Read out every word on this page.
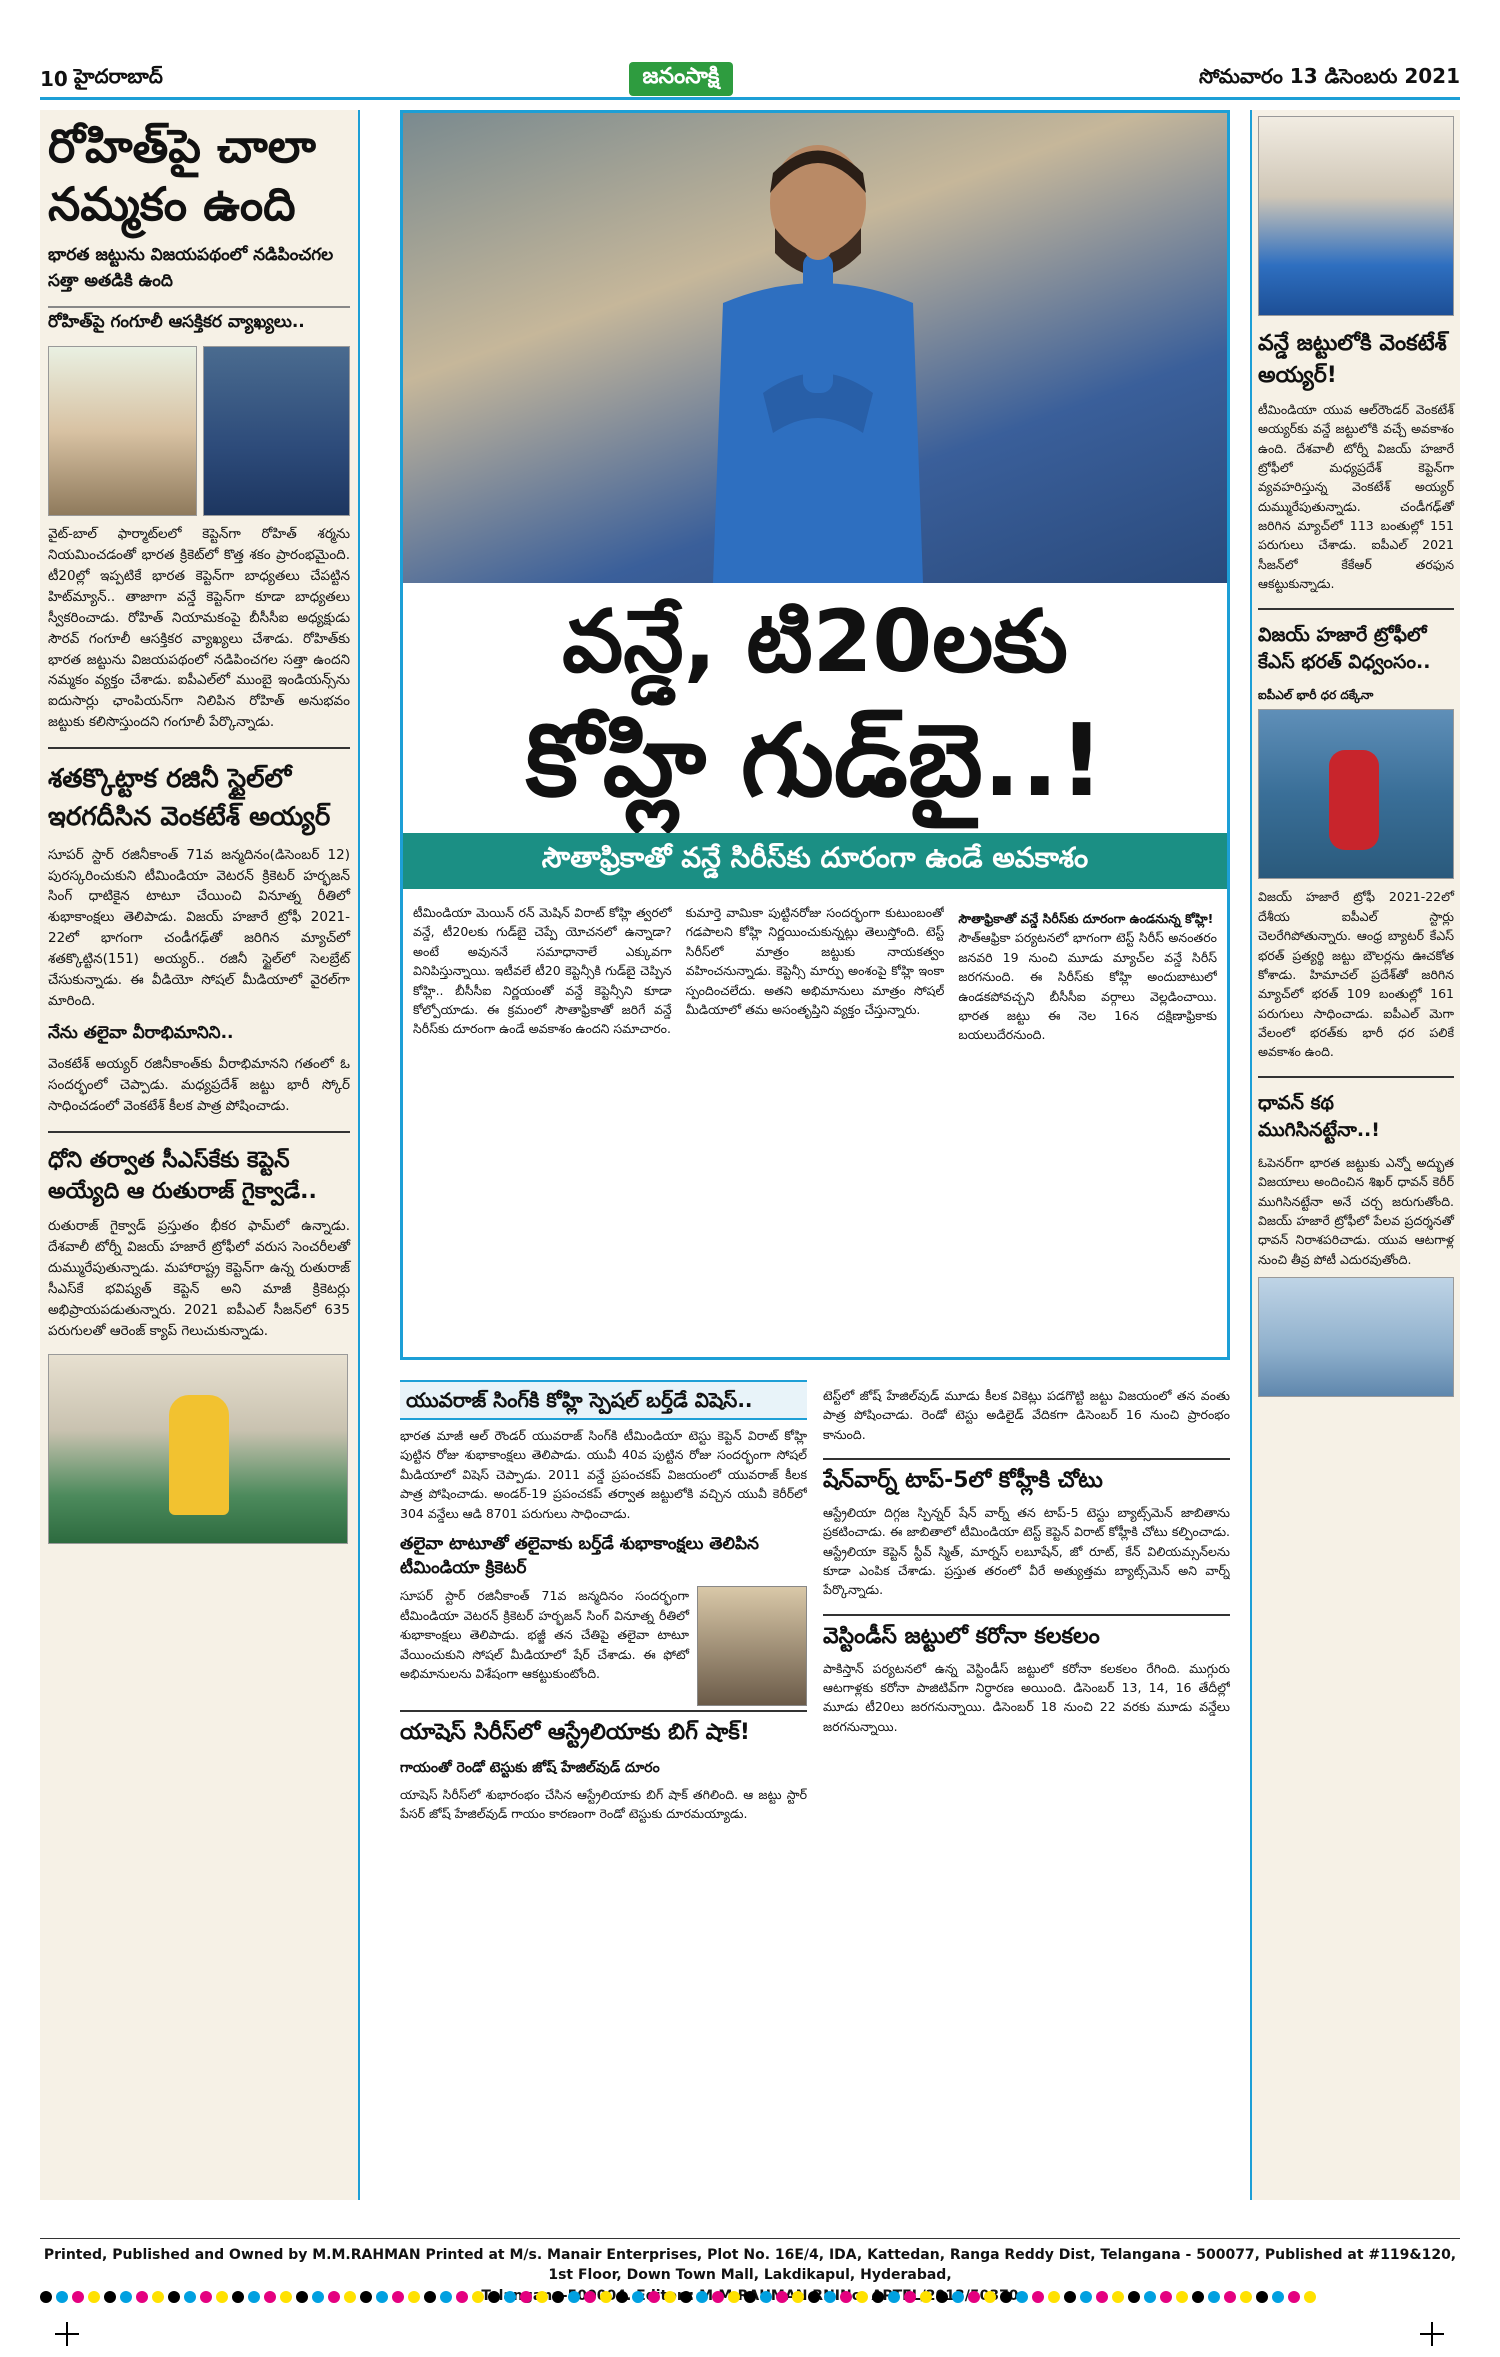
10 హైదరాబాద్	జనంసాక్షి	సోమవారం 13 డిసెంబరు 2021
రోహిత్‌పై చాలా నమ్మకం ఉంది
భారత జట్టును విజయపథంలో నడిపించగల సత్తా అతడికి ఉంది
రోహిత్‌పై గంగూలీ ఆసక్తికర వ్యాఖ్యలు..
వైట్‌-బాల్‌ ఫార్మాట్‌లలో కెప్టెన్‌గా రోహిత్‌ శర్మను నియమించడంతో భారత క్రికెట్‌లో కొత్త శకం ప్రారంభమైంది. టీ20ల్లో ఇప్పటికే భారత కెప్టెన్‌గా బాధ్యతలు చేపట్టిన హిట్‌మ్యాన్‌.. తాజాగా వన్డే కెప్టెన్‌గా కూడా బాధ్యతలు స్వీకరించాడు. రోహిత్‌ నియామకంపై బీసీసీఐ అధ్యక్షుడు సౌరవ్‌ గంగూలీ ఆసక్తికర వ్యాఖ్యలు చేశాడు. రోహిత్‌కు భారత జట్టును విజయపథంలో నడిపించగల సత్తా ఉందని నమ్మకం వ్యక్తం చేశాడు. ఐపీఎల్‌లో ముంబై ఇండియన్స్‌ను ఐదుసార్లు ఛాంపియన్‌గా నిలిపిన రోహిత్‌ అనుభవం జట్టుకు కలిసొస్తుందని గంగూలీ పేర్కొన్నాడు.
శతక్కొట్టాక రజినీ స్టైల్‌లో ఇరగదీసిన వెంకటేశ్‌ అయ్యర్‌
సూపర్‌ స్టార్‌ రజినీకాంత్‌ 71వ జన్మదినం(డిసెంబర్‌ 12) పురస్కరించుకుని టీమిండియా వెటరన్‌ క్రికెటర్‌ హర్భజన్‌ సింగ్‌ ధాటికైన టాటూ చేయించి వినూత్న రీతిలో శుభాకాంక్షలు తెలిపాడు. విజయ్‌ హజారే ట్రోఫీ 2021-22లో భాగంగా చండీగఢ్‌తో జరిగిన మ్యాచ్‌లో శతక్కొట్టిన(151) అయ్యర్‌.. రజినీ స్టైల్‌లో సెలబ్రేట్‌ చేసుకున్నాడు. ఈ వీడియో సోషల్‌ మీడియాలో వైరల్‌గా మారింది.
నేను తలైవా వీరాభిమానిని..
వెంకటేశ్‌ అయ్యర్‌ రజినీకాంత్‌కు వీరాభిమానని గతంలో ఓ సందర్భంలో చెప్పాడు. మధ్యప్రదేశ్‌ జట్టు భారీ స్కోర్‌ సాధించడంలో వెంకటేశ్‌ కీలక పాత్ర పోషించాడు.
ధోని తర్వాత సీఎస్‌కేకు కెప్టెన్‌ అయ్యేది ఆ రుతురాజ్‌ గైక్వాడే..
రుతురాజ్‌ గైక్వాడ్‌ ప్రస్తుతం భీకర ఫామ్‌లో ఉన్నాడు. దేశవాలీ టోర్నీ విజయ్‌ హజారే ట్రోఫీలో వరుస సెంచరీలతో దుమ్మురేపుతున్నాడు. మహారాష్ట్ర కెప్టెన్‌గా ఉన్న రుతురాజ్‌ సీఎస్‌కే భవిష్యత్‌ కెప్టెన్‌ అని మాజీ క్రికెటర్లు అభిప్రాయపడుతున్నారు. 2021 ఐపీఎల్‌ సీజన్‌లో 635 పరుగులతో ఆరెంజ్‌ క్యాప్‌ గెలుచుకున్నాడు.
వన్డే, టి20లకు
కోహ్లి గుడ్‌బై..!
సౌతాఫ్రికాతో వన్డే సిరీస్‌కు దూరంగా ఉండే అవకాశం
టీమిండియా మెయిన్‌ రన్‌ మెషిన్‌ విరాట్‌ కోహ్లి త్వరలో వన్డే, టీ20లకు గుడ్‌బై చెప్పే యోచనలో ఉన్నాడా? అంటే అవుననే సమాధానాలే ఎక్కువగా వినిపిస్తున్నాయి. ఇటీవలే టీ20 కెప్టెన్సీకి గుడ్‌బై చెప్పిన కోహ్లి.. బీసీసీఐ నిర్ణయంతో వన్డే కెప్టెన్సీని కూడా కోల్పోయాడు. ఈ క్రమంలో సౌతాఫ్రికాతో జరిగే వన్డే సిరీస్‌కు దూరంగా ఉండే అవకాశం ఉందని సమాచారం.
కుమార్తె వామికా పుట్టినరోజు సందర్భంగా కుటుంబంతో గడపాలని కోహ్లి నిర్ణయించుకున్నట్లు తెలుస్తోంది. టెస్ట్‌ సిరీస్‌లో మాత్రం జట్టుకు నాయకత్వం వహించనున్నాడు. కెప్టెన్సీ మార్పు అంశంపై కోహ్లి ఇంకా స్పందించలేదు. అతని అభిమానులు మాత్రం సోషల్‌ మీడియాలో తమ అసంతృప్తిని వ్యక్తం చేస్తున్నారు.
సౌతాఫ్రికాతో వన్డే సిరీస్‌కు దూరంగా ఉండనున్న కోహ్లి!
సౌత్‌ఆఫ్రికా పర్యటనలో భాగంగా టెస్ట్‌ సిరీస్‌ అనంతరం జనవరి 19 నుంచి మూడు మ్యాచ్‌ల వన్డే సిరీస్‌ జరగనుంది. ఈ సిరీస్‌కు కోహ్లి అందుబాటులో ఉండకపోవచ్చని బీసీసీఐ వర్గాలు వెల్లడించాయి. భారత జట్టు ఈ నెల 16న దక్షిణాఫ్రికాకు బయలుదేరనుంది.
యువరాజ్‌ సింగ్‌కి కోహ్లి స్పెషల్‌ బర్త్‌డే విషెస్‌..
భారత మాజీ ఆల్‌ రౌండర్‌ యువరాజ్‌ సింగ్‌కి టీమిండియా టెస్టు కెప్టెన్‌ విరాట్‌ కోహ్లి పుట్టిన రోజు శుభాకాంక్షలు తెలిపాడు. యువీ 40వ పుట్టిన రోజు సందర్భంగా సోషల్‌ మీడియాలో విషెస్‌ చెప్పాడు. 2011 వన్డే ప్రపంచకప్‌ విజయంలో యువరాజ్‌ కీలక పాత్ర పోషించాడు. అండర్‌-19 ప్రపంచకప్‌ తర్వాత జట్టులోకి వచ్చిన యువీ కెరీర్‌లో 304 వన్డేలు ఆడి 8701 పరుగులు సాధించాడు.
తలైవా టాటూతో తలైవాకు బర్త్‌డే శుభాకాంక్షలు తెలిపిన టీమిండియా క్రికెటర్‌
సూపర్‌ స్టార్‌ రజినీకాంత్‌ 71వ జన్మదినం సందర్భంగా టీమిండియా వెటరన్‌ క్రికెటర్‌ హర్భజన్‌ సింగ్‌ వినూత్న రీతిలో శుభాకాంక్షలు తెలిపాడు. భజ్జీ తన చేతిపై తలైవా టాటూ వేయించుకుని సోషల్‌ మీడియాలో షేర్‌ చేశాడు. ఈ ఫోటో అభిమానులను విశేషంగా ఆకట్టుకుంటోంది.
యాషెస్‌ సిరీస్‌లో ఆస్ట్రేలియాకు బిగ్‌ షాక్‌!
గాయంతో రెండో టెస్టుకు జోష్‌ హేజిల్‌వుడ్‌ దూరం
యాషెస్‌ సిరీస్‌లో శుభారంభం చేసిన ఆస్ట్రేలియాకు బిగ్‌ షాక్‌ తగిలింది. ఆ జట్టు స్టార్‌ పేసర్‌ జోష్‌ హేజిల్‌వుడ్‌ గాయం కారణంగా రెండో టెస్టుకు దూరమయ్యాడు.
టెస్ట్‌లో జోష్‌ హేజిల్‌వుడ్‌ మూడు కీలక వికెట్లు పడగొట్టి జట్టు విజయంలో తన వంతు పాత్ర పోషించాడు. రెండో టెస్టు అడిలైడ్‌ వేదికగా డిసెంబర్‌ 16 నుంచి ప్రారంభం కానుంది.
షేన్‌వార్న్‌ టాప్‌-5లో కోహ్లీకి చోటు
ఆస్ట్రేలియా దిగ్గజ స్పిన్నర్‌ షేన్‌ వార్న్‌ తన టాప్‌-5 టెస్టు బ్యాట్స్‌మెన్‌ జాబితాను ప్రకటించాడు. ఈ జాబితాలో టీమిండియా టెస్ట్‌ కెప్టెన్‌ విరాట్‌ కోహ్లీకి చోటు కల్పించాడు. ఆస్ట్రేలియా కెప్టెన్‌ స్టీవ్‌ స్మిత్‌, మార్నస్‌ లబూషేన్‌, జో రూట్‌, కేన్‌ విలియమ్సన్‌లను కూడా ఎంపిక చేశాడు. ప్రస్తుత తరంలో వీరే అత్యుత్తమ బ్యాట్స్‌మెన్‌ అని వార్న్‌ పేర్కొన్నాడు.
వెస్టిండీస్‌ జట్టులో కరోనా కలకలం
పాకిస్తాన్‌ పర్యటనలో ఉన్న వెస్టిండీస్‌ జట్టులో కరోనా కలకలం రేగింది. ముగ్గురు ఆటగాళ్లకు కరోనా పాజిటివ్‌గా నిర్ధారణ అయింది. డిసెంబర్‌ 13, 14, 16 తేదీల్లో మూడు టీ20లు జరగనున్నాయి. డిసెంబర్‌ 18 నుంచి 22 వరకు మూడు వన్డేలు జరగనున్నాయి.
వన్డే జట్టులోకి వెంకటేశ్‌ అయ్యర్‌!
టీమిండియా యువ ఆల్‌రౌండర్‌ వెంకటేశ్‌ అయ్యర్‌కు వన్డే జట్టులోకి వచ్చే అవకాశం ఉంది. దేశవాలీ టోర్నీ విజయ్‌ హజారే ట్రోఫీలో మధ్యప్రదేశ్‌ కెప్టెన్‌గా వ్యవహరిస్తున్న వెంకటేశ్‌ అయ్యర్‌ దుమ్మురేపుతున్నాడు. చండీగఢ్‌తో జరిగిన మ్యాచ్‌లో 113 బంతుల్లో 151 పరుగులు చేశాడు. ఐపీఎల్‌ 2021 సీజన్‌లో కేకేఆర్‌ తరఫున ఆకట్టుకున్నాడు.
విజయ్‌ హజారే ట్రోఫీలో కేఎస్‌ భరత్‌ విధ్వంసం..
ఐపీఎల్‌ భారీ ధర దక్కేనా
విజయ్‌ హజారే ట్రోఫీ 2021-22లో దేశీయ ఐపీఎల్‌ స్టార్లు చెలరేగిపోతున్నారు. ఆంధ్ర బ్యాటర్‌ కేఎస్‌ భరత్‌ ప్రత్యర్థి జట్టు బౌలర్లను ఊచకోత కోశాడు. హిమాచల్‌ ప్రదేశ్‌తో జరిగిన మ్యాచ్‌లో భరత్‌ 109 బంతుల్లో 161 పరుగులు సాధించాడు. ఐపీఎల్‌ మెగా వేలంలో భరత్‌కు భారీ ధర పలికే అవకాశం ఉంది.
ధావన్‌ కథ ముగిసినట్టేనా..!
ఓపెనర్‌గా భారత జట్టుకు ఎన్నో అద్భుత విజయాలు అందించిన శిఖర్‌ ధావన్‌ కెరీర్‌ ముగిసినట్టేనా అనే చర్చ జరుగుతోంది. విజయ్‌ హజారే ట్రోఫీలో పేలవ ప్రదర్శనతో ధావన్‌ నిరాశపరిచాడు. యువ ఆటగాళ్ల నుంచి తీవ్ర పోటీ ఎదురవుతోంది.
Printed, Published and Owned by M.M.RAHMAN Printed at M/s. Manair Enterprises, Plot No. 16E/4, IDA, Kattedan, Ranga Reddy Dist, Telangana - 500077, Published at #119&120, 1st Floor, Down Town Mall, Lakdikapul, Hyderabad,
